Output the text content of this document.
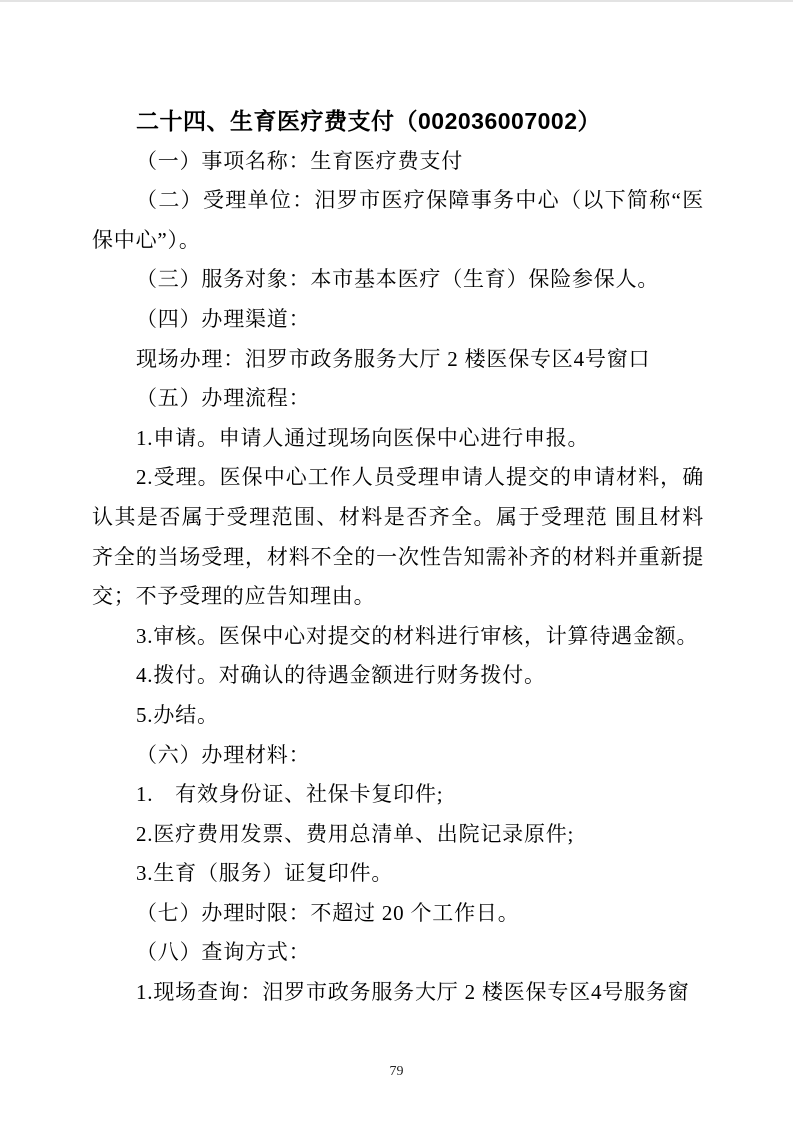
二十四、生育医疗费支付（002036007002）

（一）事项名称：生育医疗费支付

（二）受理单位：汨罗市医疗保障事务中心（以下简称“医保中心”）。

（三）服务对象：本市基本医疗（生育）保险参保人。

（四）办理渠道：

现场办理：汨罗市政务服务大厅 2 楼医保专区4号窗口

（五）办理流程：

1.申请。申请人通过现场向医保中心进行申报。

2.受理。医保中心工作人员受理申请人提交的申请材料，确认其是否属于受理范围、材料是否齐全。属于受理范 围且材料齐全的当场受理，材料不全的一次性告知需补齐的材料并重新提交；不予受理的应告知理由。

3.审核。医保中心对提交的材料进行审核，计算待遇金额。

4.拨付。对确认的待遇金额进行财务拨付。

5.办结。

（六）办理材料：

1.　有效身份证、社保卡复印件;

2.医疗费用发票、费用总清单、出院记录原件;

3.生育（服务）证复印件。

（七）办理时限：不超过 20 个工作日。

（八）查询方式：

1.现场查询：汨罗市政务服务大厅 2 楼医保专区4号服务窗

79
